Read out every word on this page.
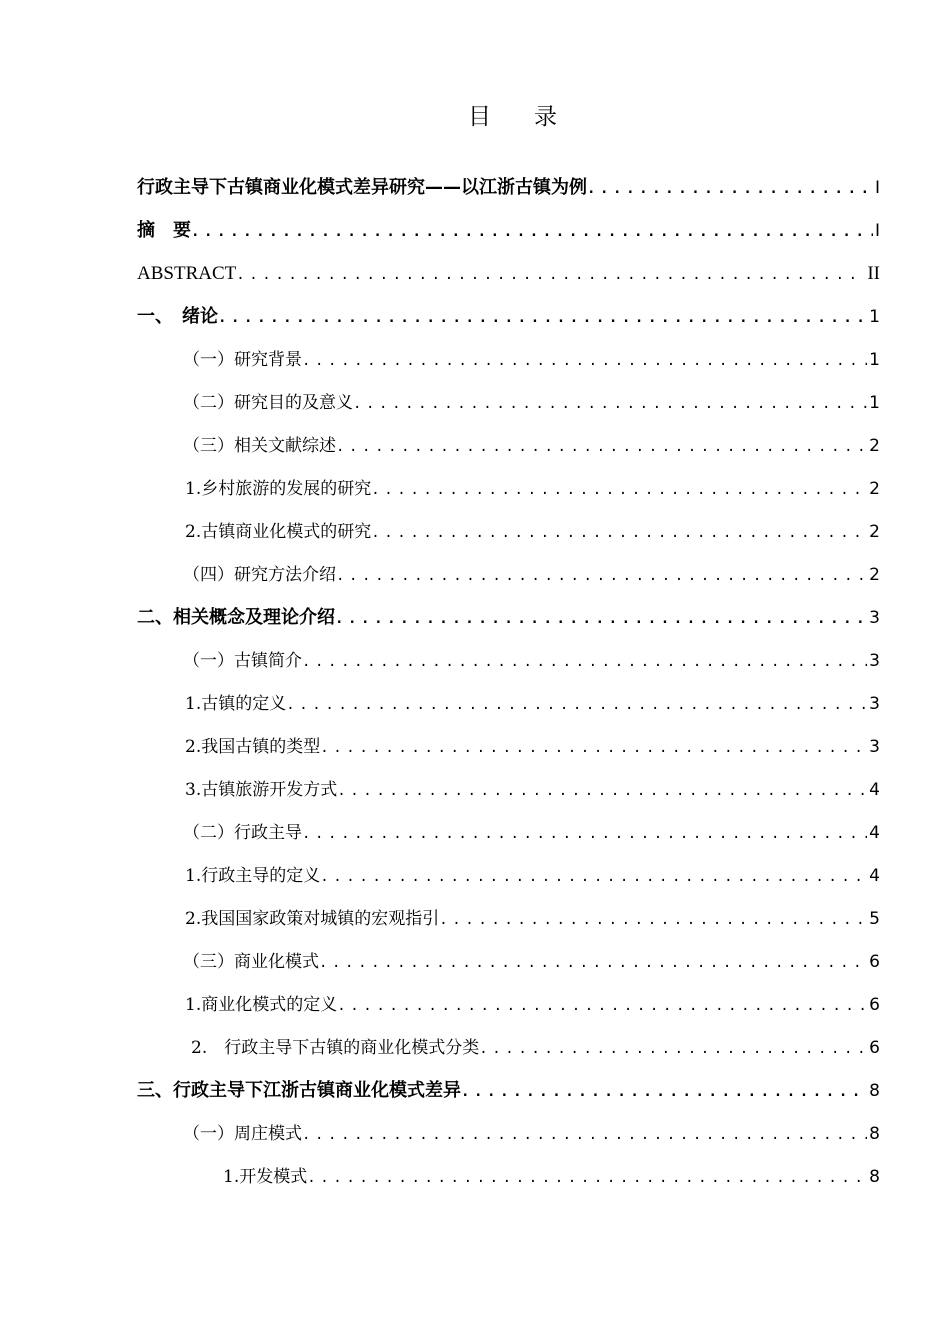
目　录
行政主导下古镇商业化模式差异研究——以江浙古镇为例 .....	I
摘　要 .....	I
ABSTRACT .....	II
一、　绪论 .....	1
（一）研究背景 .....	1
（二）研究目的及意义 .....	1
（三）相关文献综述 .....	2
1.乡村旅游的发展的研究 .....	2
2.古镇商业化模式的研究 .....	2
（四）研究方法介绍 .....	2
二、相关概念及理论介绍 .....	3
（一）古镇简介 .....	3
1.古镇的定义 .....	3
2.我国古镇的类型 .....	3
3.古镇旅游开发方式 .....	4
（二）行政主导 .....	4
1.行政主导的定义 .....	4
2.我国国家政策对城镇的宏观指引 .....	5
（三）商业化模式 .....	6
1.商业化模式的定义 .....	6
2.　行政主导下古镇的商业化模式分类 .....	6
三、行政主导下江浙古镇商业化模式差异 .....	8
（一）周庄模式 .....	8
1.开发模式 .....	8
